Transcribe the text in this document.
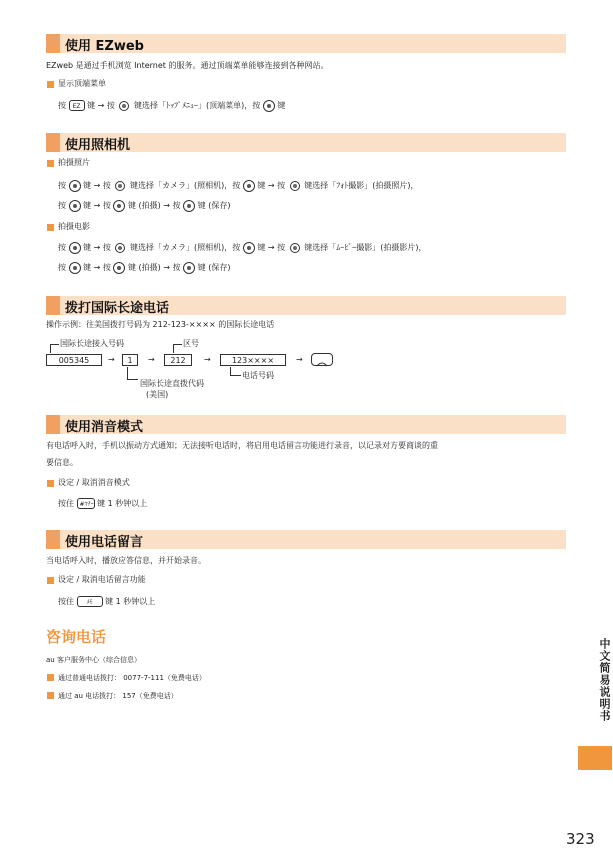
使用 EZweb
EZweb 是通过手机浏览 Internet 的服务。通过顶端菜单能够连接到各种网站。
显示顶端菜单
按 EZ 键 → 按 键选择「ﾄｯﾌﾟﾒﾆｭｰ」(顶端菜单)，按 键
使用照相机
拍摄照片
按 键 → 按 键选择「カメラ」(照相机)，按 键 → 按 键选择「ﾌｫﾄ撮影」(拍摄照片)，
按 键 → 按 键 (拍摄) → 按 键 (保存)
拍摄电影
按 键 → 按 键选择「カメラ」(照相机)，按 键 → 按 键选择「ﾑｰﾋﾞｰ撮影」(拍摄影片)，
按 键 → 按 键 (拍摄) → 按 键 (保存)
拨打国际长途电话
操作示例：往美国拨打号码为 212-123-×××× 的国际长途电话
国际长途接入号码	区号
005345	→	1	→	212	→	123××××	→
国际长途直拨代码
(美国)
电话号码
使用消音模式
有电话呼入时，手机以振动方式通知；无法接听电话时，将启用电话留言功能进行录音，以记录对方要商谈的重
要信息。
设定 / 取消消音模式
按住 #ﾏﾅｰ 键 1 秒钟以上
使用电话留言
当电话呼入时，播放应答信息，并开始录音。
设定 / 取消电话留言功能
按住 ﾒﾓ 键 1 秒钟以上
咨询电话
au 客户服务中心（综合信息）
通过普通电话拨打： 0077-7-111（免费电话）
通过 au 电话拨打： 157（免费电话）	中文简易说明书
323
